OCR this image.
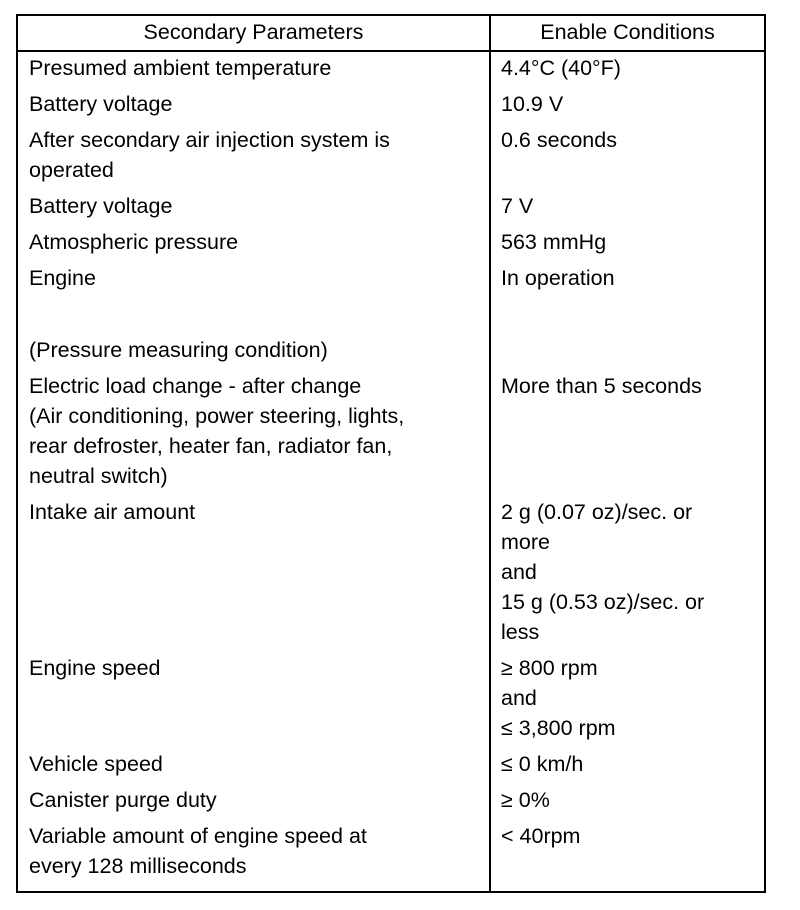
Secondary Parameters	Enable Conditions

Presumed ambient temperature	4.4°C (40°F)

Battery voltage	10.9 V

After secondary air injection system is
operated	0.6 seconds

Battery voltage	7 V

Atmospheric pressure	563 mmHg

Engine	In operation

(Pressure measuring condition)	

Electric load change - after change
(Air conditioning, power steering, lights,
rear defroster, heater fan, radiator fan,
neutral switch)	More than 5 seconds

Intake air amount	2 g (0.07 oz)/sec. or
more
and
15 g (0.53 oz)/sec. or
less

Engine speed	≥ 800 rpm
and
≤ 3,800 rpm

Vehicle speed	≤ 0 km/h

Canister purge duty	≥ 0%

Variable amount of engine speed at
every 128 milliseconds	< 40rpm
